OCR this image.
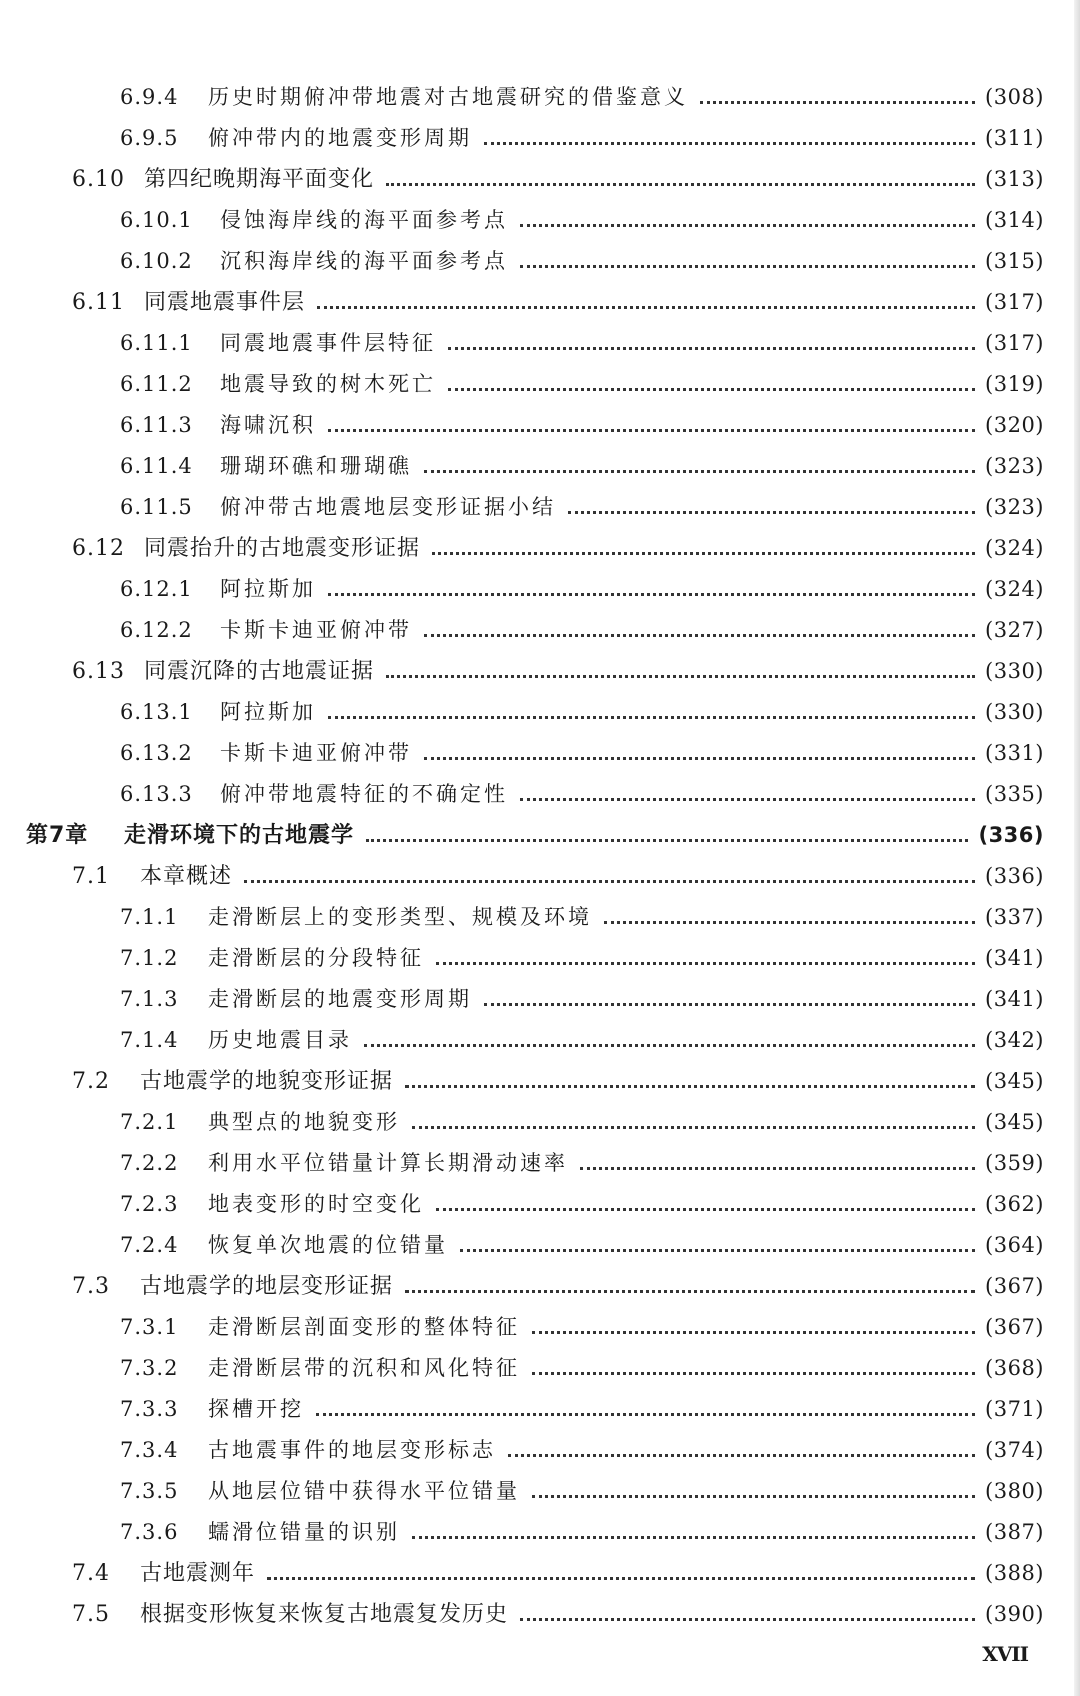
6.9.4	历史时期俯冲带地震对古地震研究的借鉴意义	(308)
6.9.5	俯冲带内的地震变形周期	(311)
6.10 第四纪晚期海平面变化	(313)
6.10.1	侵蚀海岸线的海平面参考点	(314)
6.10.2	沉积海岸线的海平面参考点	(315)
6.11 同震地震事件层	(317)
6.11.1	同震地震事件层特征	(317)
6.11.2	地震导致的树木死亡	(319)
6.11.3	海啸沉积	(320)
6.11.4	珊瑚环礁和珊瑚礁	(323)
6.11.5	俯冲带古地震地层变形证据小结	(323)
6.12 同震抬升的古地震变形证据	(324)
6.12.1	阿拉斯加	(324)
6.12.2	卡斯卡迪亚俯冲带	(327)
6.13 同震沉降的古地震证据	(330)
6.13.1	阿拉斯加	(330)
6.13.2	卡斯卡迪亚俯冲带	(331)
6.13.3	俯冲带地震特征的不确定性	(335)
第7章	走滑环境下的古地震学	(336)
7.1	本章概述	(336)
7.1.1	走滑断层上的变形类型、规模及环境	(337)
7.1.2	走滑断层的分段特征	(341)
7.1.3	走滑断层的地震变形周期	(341)
7.1.4	历史地震目录	(342)
7.2	古地震学的地貌变形证据	(345)
7.2.1	典型点的地貌变形	(345)
7.2.2	利用水平位错量计算长期滑动速率	(359)
7.2.3	地表变形的时空变化	(362)
7.2.4	恢复单次地震的位错量	(364)
7.3	古地震学的地层变形证据	(367)
7.3.1	走滑断层剖面变形的整体特征	(367)
7.3.2	走滑断层带的沉积和风化特征	(368)
7.3.3	探槽开挖	(371)
7.3.4	古地震事件的地层变形标志	(374)
7.3.5	从地层位错中获得水平位错量	(380)
7.3.6	蠕滑位错量的识别	(387)
7.4	古地震测年	(388)
7.5	根据变形恢复来恢复古地震复发历史	(390)
XVII
